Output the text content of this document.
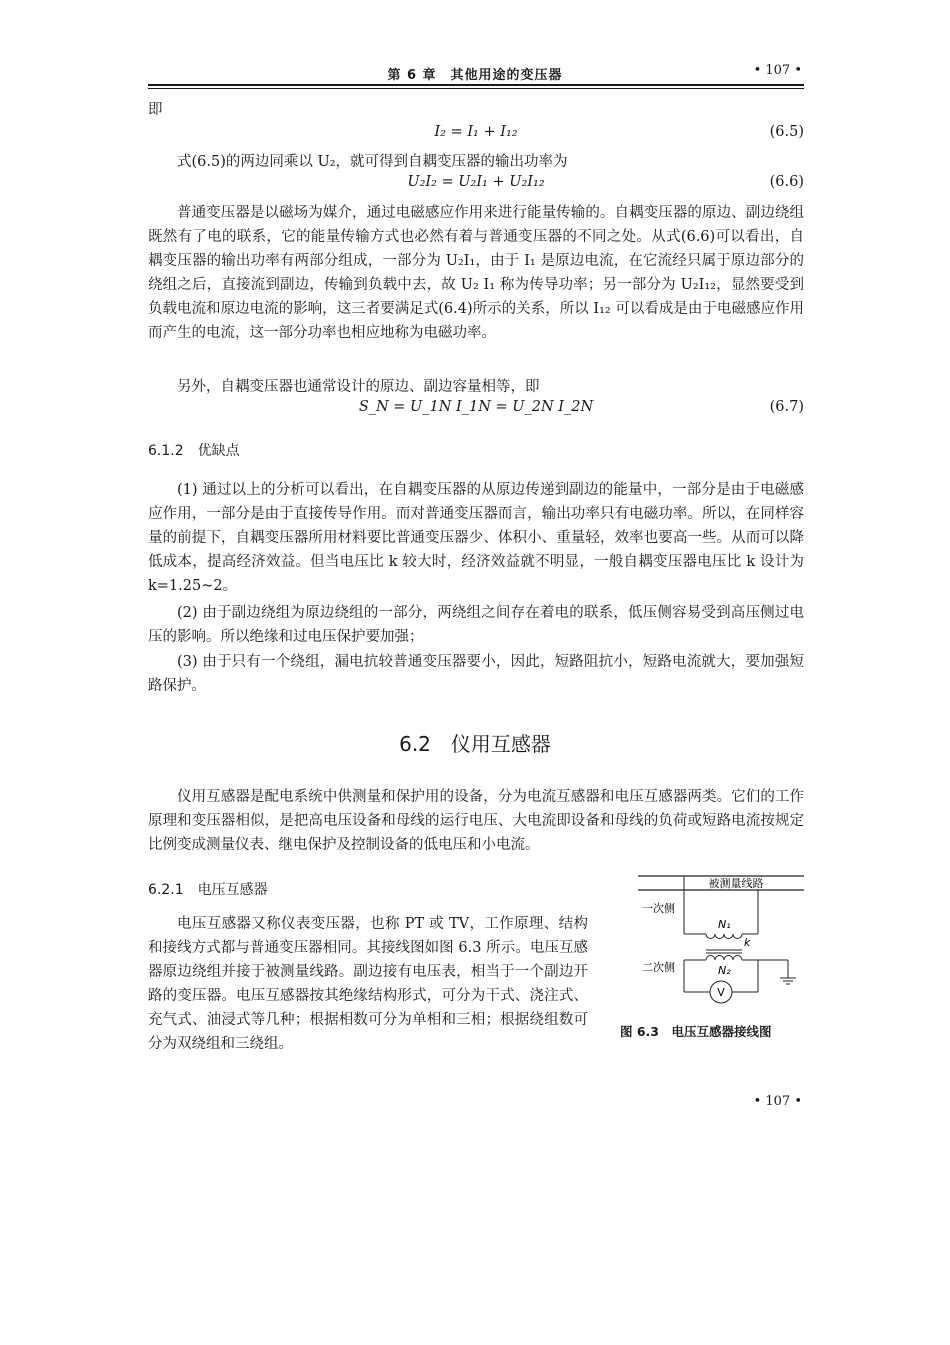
第 6 章　其他用途的变压器	• 107 •
即
I₂ = I₁ + I₁₂	(6.5)
式(6.5)的两边同乘以 U₂，就可得到自耦变压器的输出功率为
U₂I₂ = U₂I₁ + U₂I₁₂	(6.6)
普通变压器是以磁场为媒介，通过电磁感应作用来进行能量传输的。自耦变压器的原边、副边绕组既然有了电的联系，它的能量传输方式也必然有着与普通变压器的不同之处。从式(6.6)可以看出，自耦变压器的输出功率有两部分组成，一部分为 U₂I₁，由于 I₁ 是原边电流，在它流经只属于原边部分的绕组之后，直接流到副边，传输到负载中去，故 U₂ I₁ 称为传导功率；另一部分为 U₂I₁₂，显然要受到负载电流和原边电流的影响，这三者要满足式(6.4)所示的关系，所以 I₁₂ 可以看成是由于电磁感应作用而产生的电流，这一部分功率也相应地称为电磁功率。
另外，自耦变压器也通常设计的原边、副边容量相等，即
S_N = U_1N I_1N = U_2N I_2N	(6.7)
6.1.2　优缺点
(1) 通过以上的分析可以看出，在自耦变压器的从原边传递到副边的能量中，一部分是由于电磁感应作用，一部分是由于直接传导作用。而对普通变压器而言，输出功率只有电磁功率。所以，在同样容量的前提下，自耦变压器所用材料要比普通变压器少、体积小、重量轻，效率也要高一些。从而可以降低成本，提高经济效益。但当电压比 k 较大时，经济效益就不明显，一般自耦变压器电压比 k 设计为 k=1.25~2。
(2) 由于副边绕组为原边绕组的一部分，两绕组之间存在着电的联系，低压侧容易受到高压侧过电压的影响。所以绝缘和过电压保护要加强；
(3) 由于只有一个绕组，漏电抗较普通变压器要小，因此，短路阻抗小，短路电流就大，要加强短路保护。
6.2　仪用互感器
仪用互感器是配电系统中供测量和保护用的设备，分为电流互感器和电压互感器两类。它们的工作原理和变压器相似，是把高电压设备和母线的运行电压、大电流即设备和母线的负荷或短路电流按规定比例变成测量仪表、继电保护及控制设备的低电压和小电流。
6.2.1　电压互感器
电压互感器又称仪表变压器，也称 PT 或 TV，工作原理、结构和接线方式都与普通变压器相同。其接线图如图 6.3 所示。电压互感器原边绕组并接于被测量线路。副边接有电压表，相当于一个副边开路的变压器。电压互感器按其绝缘结构形式，可分为干式、浇注式、充气式、油浸式等几种；根据相数可分为单相和三相；根据绕组数可分为双绕组和三绕组。
被测量线路
一次侧
二次侧
N₁
k
N₂
V
图 6.3　电压互感器接线图
• 107 •
